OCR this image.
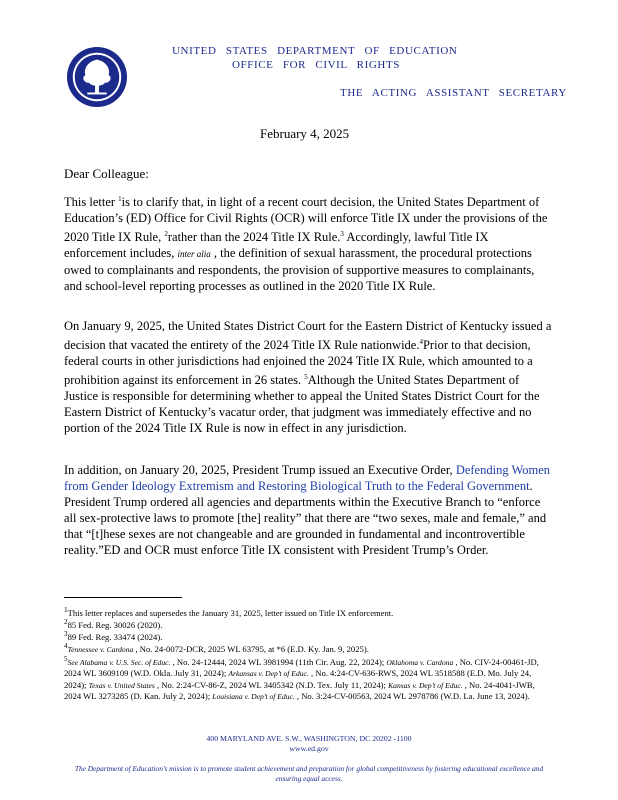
UNITED STATES DEPARTMENT OF EDUCATION
OFFICE FOR CIVIL RIGHTS
THE ACTING ASSISTANT SECRETARY
February 4, 2025
Dear Colleague:

This letter $^1$is to clarify that, in light of a recent court decision, the United States Department of Education’s (ED) Office for Civil Rights (OCR) will enforce Title IX under the provisions of the 2020 Title IX Rule, $^2$rather than the 2024 Title IX Rule.$^3$ Accordingly, lawful Title IX enforcement includes, inter alia , the definition of sexual harassment, the procedural protections owed to complainants and respondents, the provision of supportive measures to complainants, and school-level reporting processes as outlined in the 2020 Title IX Rule.

On January 9, 2025, the United States District Court for the Eastern District of Kentucky issued a decision that vacated the entirety of the 2024 Title IX Rule nationwide.$^4$Prior to that decision, federal courts in other jurisdictions had enjoined the 2024 Title IX Rule, which amounted to a prohibition against its enforcement in 26 states. $^5$Although the United States Department of Justice is responsible for determining whether to appeal the United States District Court for the Eastern District of Kentucky’s vacatur order, that judgment was immediately effective and no portion of the 2024 Title IX Rule is now in effect in any jurisdiction.

In addition, on January 20, 2025, President Trump issued an Executive Order, Defending Women from Gender Ideology Extremism and Restoring Biological Truth to the Federal Government. President Trump ordered all agencies and departments within the Executive Branch to “enforce all sex-protective laws to promote [the] reality” that there are “two sexes, male and female,” and that “[t]hese sexes are not changeable and are grounded in fundamental and incontrovertible reality.”ED and OCR must enforce Title IX consistent with President Trump’s Order.

$^1$This letter replaces and supersedes the January 31, 2025, letter issued on Title IX enforcement.

$^2$85 Fed. Reg. 30026 (2020).

$^3$89 Fed. Reg. 33474 (2024).

$^4$Tennessee v. Cardona , No. 24-0072-DCR, 2025 WL 63795, at *6 (E.D. Ky. Jan. 9, 2025).

$^5$See Alabama v. U.S. Sec. of Educ. , No. 24-12444, 2024 WL 3981994 (11th Cir. Aug. 22, 2024); Oklahoma v. Cardona , No. CIV-24-00461-JD, 2024 WL 3609109 (W.D. Okla. July 31, 2024); Arkansas v. Dep’t of Educ. , No. 4:24-CV-636-RWS, 2024 WL 3518588 (E.D. Mo. July 24, 2024); Texas v. United States , No. 2:24-CV-86-Z, 2024 WL 3405342 (N.D. Tex. July 11, 2024); Kansas v. Dep’t of Educ. , No. 24-4041-JWB, 2024 WL 3273285 (D. Kan. July 2, 2024); Louisiana v. Dep’t of Educ. , No. 3:24-CV-00563, 2024 WL 2978786 (W.D. La. June 13, 2024).

400 MARYLAND AVE. S.W., WASHINGTON, DC 20202 -1100
www.ed.gov
The Department of Education’s mission is to promote student achievement and preparation for global competitiveness by fostering educational excellence and ensuring equal access.
